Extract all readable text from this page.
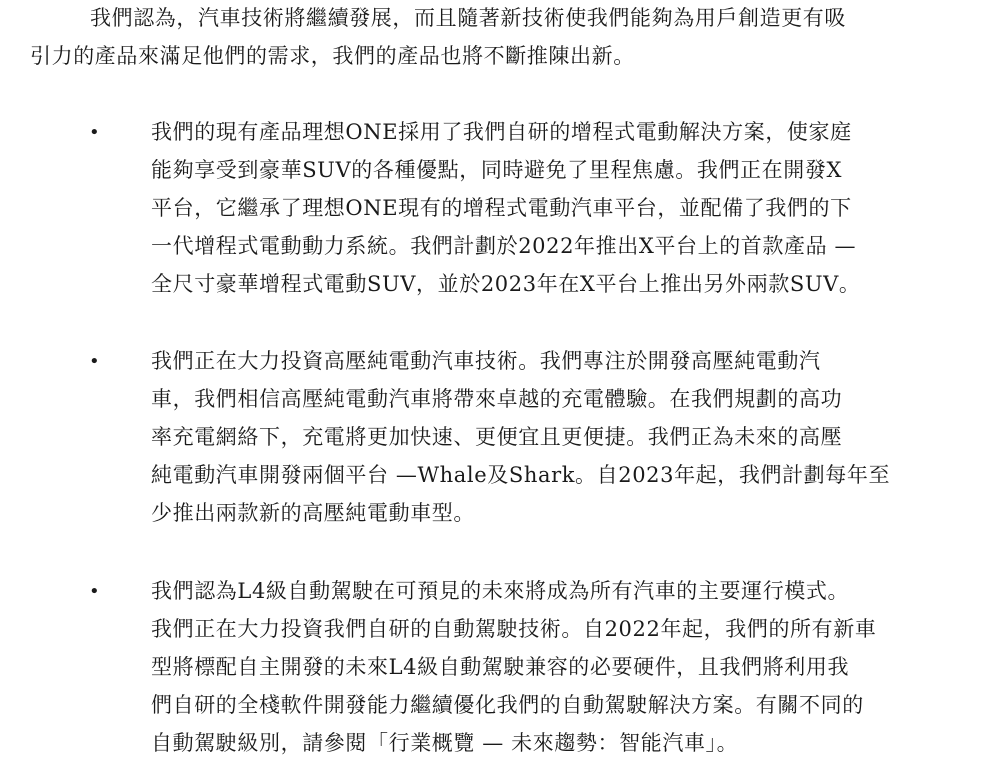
我們認為，汽車技術將繼續發展，而且隨著新技術使我們能夠為用戶創造更有吸
引力的產品來滿足他們的需求，我們的產品也將不斷推陳出新。
• 我們的現有產品理想ONE採用了我們自研的增程式電動解決方案，使家庭
能夠享受到豪華SUV的各種優點，同時避免了里程焦慮。我們正在開發X
平台，它繼承了理想ONE現有的增程式電動汽車平台，並配備了我們的下
一代增程式電動動力系統。我們計劃於2022年推出X平台上的首款產品 —
全尺寸豪華增程式電動SUV，並於2023年在X平台上推出另外兩款SUV。
• 我們正在大力投資高壓純電動汽車技術。我們專注於開發高壓純電動汽
車，我們相信高壓純電動汽車將帶來卓越的充電體驗。在我們規劃的高功
率充電網絡下，充電將更加快速、更便宜且更便捷。我們正為未來的高壓
純電動汽車開發兩個平台 —Whale及Shark。自2023年起，我們計劃每年至
少推出兩款新的高壓純電動車型。
• 我們認為L4級自動駕駛在可預見的未來將成為所有汽車的主要運行模式。
我們正在大力投資我們自研的自動駕駛技術。自2022年起，我們的所有新車
型將標配自主開發的未來L4級自動駕駛兼容的必要硬件，且我們將利用我
們自研的全棧軟件開發能力繼續優化我們的自動駕駛解決方案。有關不同的
自動駕駛級別，請參閱「行業概覽 — 未來趨勢：智能汽車」。
